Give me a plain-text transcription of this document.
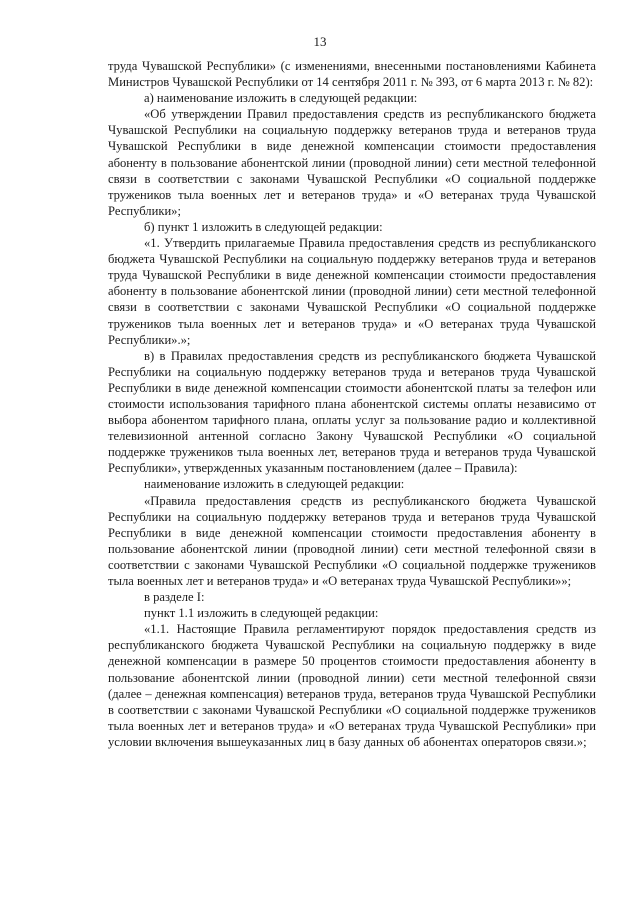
13

труда Чувашской Республики» (с изменениями, внесенными постановлениями Кабинета Министров Чувашской Республики от 14 сентября 2011 г. № 393, от 6 марта 2013 г. № 82):

а) наименование изложить в следующей редакции:

«Об утверждении Правил предоставления средств из республиканского бюджета Чувашской Республики на социальную поддержку ветеранов труда и ветеранов труда Чувашской Республики в виде денежной компенсации стоимости предоставления абоненту в пользование абонентской линии (проводной линии) сети местной телефонной связи в соответствии с законами Чувашской Республики «О социальной поддержке тружеников тыла военных лет и ветеранов труда» и «О ветеранах труда Чувашской Республики»;

б) пункт 1 изложить в следующей редакции:

«1. Утвердить прилагаемые Правила предоставления средств из республиканского бюджета Чувашской Республики на социальную поддержку ветеранов труда и ветеранов труда Чувашской Республики в виде денежной компенсации стоимости предоставления абоненту в пользование абонентской линии (проводной линии) сети местной телефонной связи в соответствии с законами Чувашской Республики «О социальной поддержке тружеников тыла военных лет и ветеранов труда» и «О ветеранах труда Чувашской Республики».»;

в) в Правилах предоставления средств из республиканского бюджета Чувашской Республики на социальную поддержку ветеранов труда и ветеранов труда Чувашской Республики в виде денежной компенсации стоимости абонентской платы за телефон или стоимости использования тарифного плана абонентской системы оплаты независимо от выбора абонентом тарифного плана, оплаты услуг за пользование радио и коллективной телевизионной антенной согласно Закону Чувашской Республики «О социальной поддержке тружеников тыла военных лет, ветеранов труда и ветеранов труда Чувашской Республики», утвержденных указанным постановлением (далее – Правила):

наименование изложить в следующей редакции:

«Правила предоставления средств из республиканского бюджета Чувашской Республики на социальную поддержку ветеранов труда и ветеранов труда Чувашской Республики в виде денежной компенсации стоимости предоставления абоненту в пользование абонентской линии (проводной линии) сети местной телефонной связи в соответствии с законами Чувашской Республики «О социальной поддержке тружеников тыла военных лет и ветеранов труда» и «О ветеранах труда Чувашской Республики»»;

в разделе I:

пункт 1.1 изложить в следующей редакции:

«1.1. Настоящие Правила регламентируют порядок предоставления средств из республиканского бюджета Чувашской Республики на социальную поддержку в виде денежной компенсации в размере 50 процентов стоимости предоставления абоненту в пользование абонентской линии (проводной линии) сети местной телефонной связи (далее – денежная компенсация) ветеранов труда, ветеранов труда Чувашской Республики в соответствии с законами Чувашской Республики «О социальной поддержке тружеников тыла военных лет и ветеранов труда» и «О ветеранах труда Чувашской Республики» при условии включения вышеуказанных лиц в базу данных об абонентах операторов связи.»;
